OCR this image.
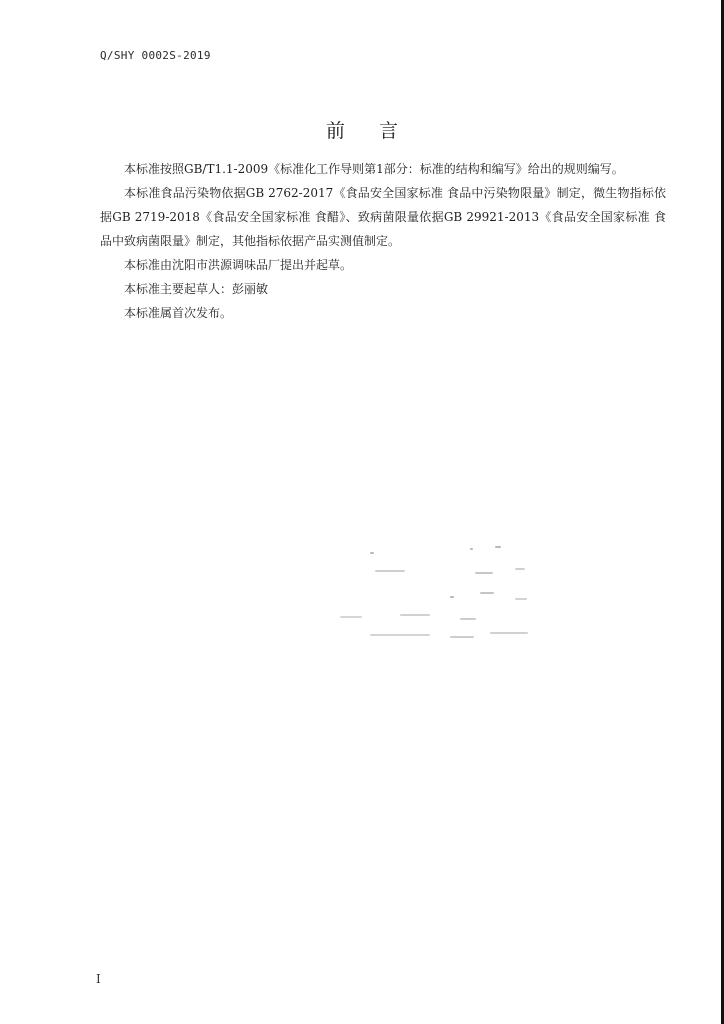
Q/SHY 0002S-2019
前言

本标准按照GB/T1.1-2009《标准化工作导则第1部分：标准的结构和编写》给出的规则编写。

本标准食品污染物依据GB 2762-2017《食品安全国家标准 食品中污染物限量》制定，微生物指标依据GB 2719-2018《食品安全国家标准 食醋》、致病菌限量依据GB 29921-2013《食品安全国家标准 食品中致病菌限量》制定，其他指标依据产品实测值制定。

本标准由沈阳市洪源调味品厂提出并起草。

本标准主要起草人：彭丽敏

本标准属首次发布。

I
